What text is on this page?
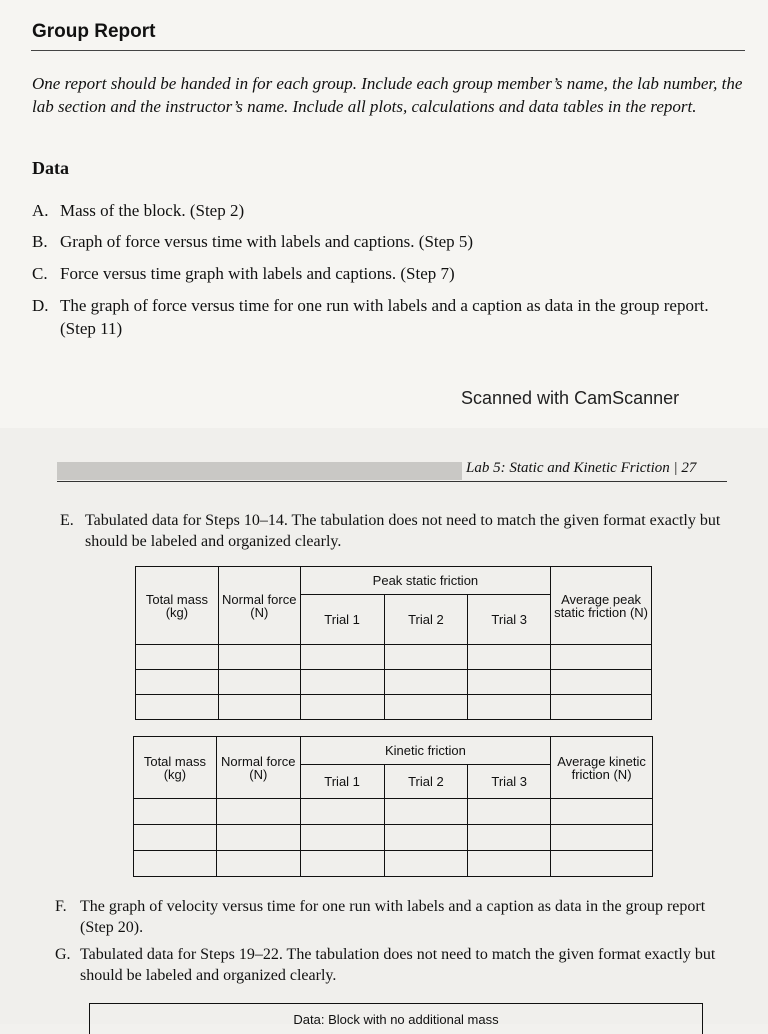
Group Report
One report should be handed in for each group. Include each group member’s name, the lab number, the lab section and the instructor’s name. Include all plots, calculations and data tables in the report.
Data
A. Mass of the block. (Step 2)
B. Graph of force versus time with labels and captions. (Step 5)
C. Force versus time graph with labels and captions. (Step 7)
D. The graph of force versus time for one run with labels and a caption as data in the group report. (Step 11)
Scanned with CamScanner
Lab 5: Static and Kinetic Friction | 27
E. Tabulated data for Steps 10–14. The tabulation does not need to match the given format exactly but should be labeled and organized clearly.
Total mass (kg)	Normal force (N)	Peak static friction			Average peak static friction (N)
		Trial 1	Trial 2	Trial 3	

Total mass (kg)	Normal force (N)	Kinetic friction			Average kinetic friction (N)
		Trial 1	Trial 2	Trial 3	

F. The graph of velocity versus time for one run with labels and a caption as data in the group report (Step 20).
G. Tabulated data for Steps 19–22. The tabulation does not need to match the given format exactly but should be labeled and organized clearly.
Data: Block with no additional mass
